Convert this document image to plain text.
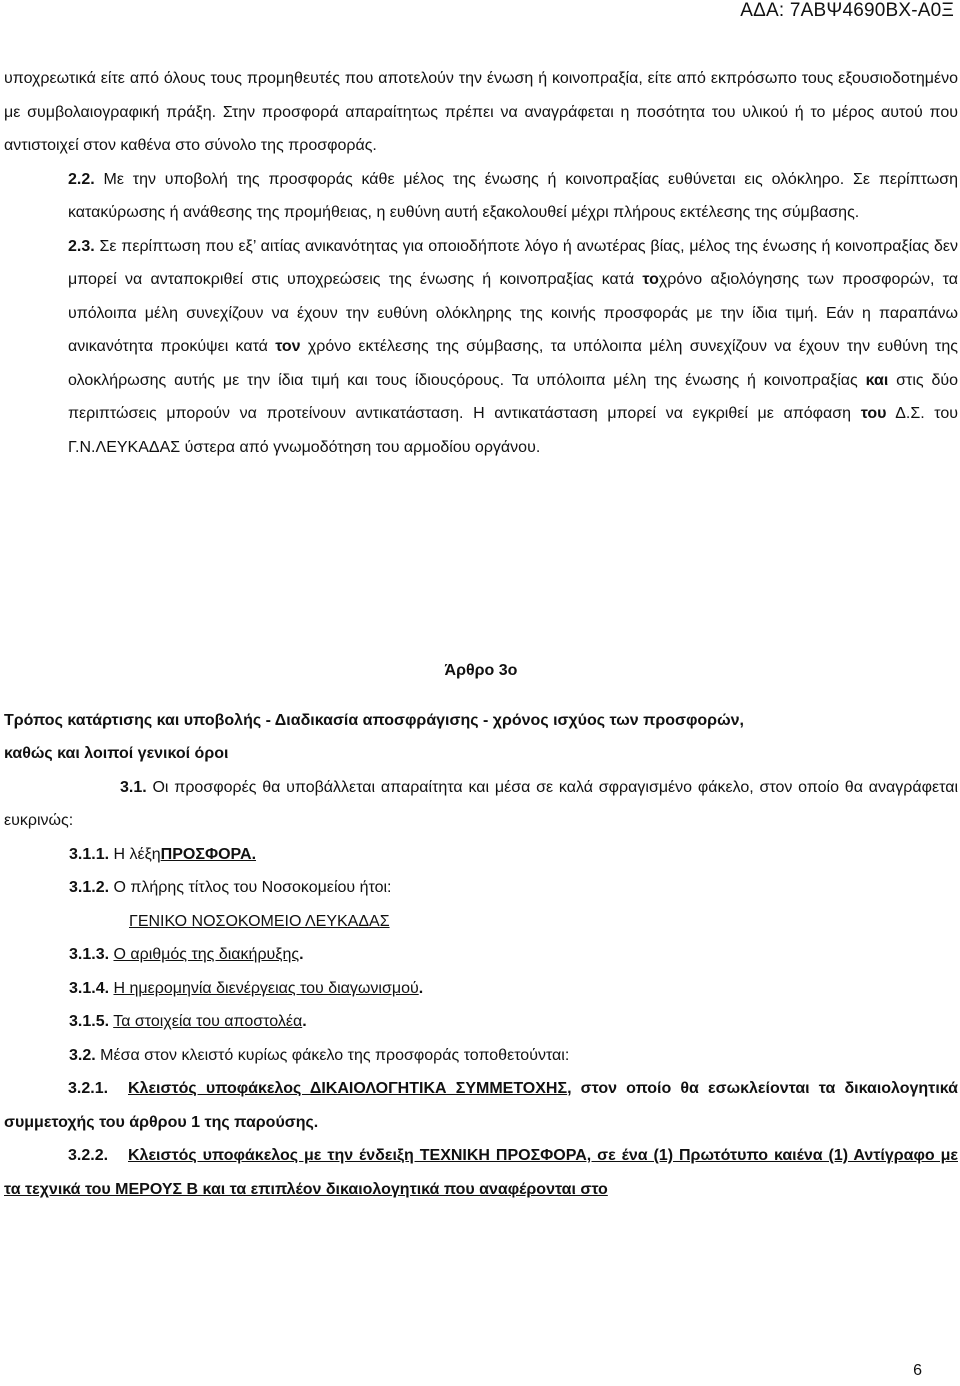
ΑΔΑ: 7ΑΒΨ4690ΒΧ-Α0Ξ

υποχρεωτικά είτε από όλους τους προμηθευτές που αποτελούν την ένωση ή κοινοπραξία, είτε από εκπρόσωπο τους εξουσιοδοτημένο με συμβολαιογραφική πράξη. Στην προσφορά απαραίτητως πρέπει να αναγράφεται η ποσότητα του υλικού ή το μέρος αυτού που αντιστοιχεί στον καθένα στο σύνολο της προσφοράς.

2.2. Με την υποβολή της προσφοράς κάθε μέλος της ένωσης ή κοινοπραξίας ευθύνεται εις ολόκληρο. Σε περίπτωση κατακύρωσης ή ανάθεσης της προμήθειας, η ευθύνη αυτή εξακολουθεί μέχρι πλήρους εκτέλεσης της σύμβασης.

2.3. Σε περίπτωση που εξ’ αιτίας ανικανότητας για οποιοδήποτε λόγο ή ανωτέρας βίας, μέλος της ένωσης ή κοινοπραξίας δεν μπορεί να ανταποκριθεί στις υποχρεώσεις της ένωσης ή κοινοπραξίας κατά τοχρόνο αξιολόγησης των προσφορών, τα υπόλοιπα μέλη συνεχίζουν να έχουν την ευθύνη ολόκληρης της κοινής προσφοράς με την ίδια τιμή. Εάν η παραπάνω ανικανότητα προκύψει κατά τον χρόνο εκτέλεσης της σύμβασης, τα υπόλοιπα μέλη συνεχίζουν να έχουν την ευθύνη της ολοκλήρωσης αυτής με την ίδια τιμή και τους ίδιουςόρους. Τα υπόλοιπα μέλη της ένωσης ή κοινοπραξίας και στις δύο περιπτώσεις μπορούν να προτείνουν αντικατάσταση. Η αντικατάσταση μπορεί να εγκριθεί με απόφαση του Δ.Σ. του Γ.Ν.ΛΕΥΚΑΔΑΣ ύστερα από γνωμοδότηση του αρμοδίου οργάνου.

Άρθρο 3ο

Τρόπος κατάρτισης και υποβολής - Διαδικασία αποσφράγισης - χρόνος ισχύος των προσφορών, καθώς και λοιποί γενικοί όροι

3.1. Οι προσφορές θα υποβάλλεται απαραίτητα και μέσα σε καλά σφραγισμένο φάκελο, στον οποίο θα αναγράφεται ευκρινώς:

3.1.1. Η λέξηΠΡΟΣΦΟΡΑ.

3.1.2. Ο πλήρης τίτλος του Νοσοκομείου ήτοι:

ΓΕΝΙΚΟ ΝΟΣΟΚΟΜΕΙΟ ΛΕΥΚΑΔΑΣ

3.1.3. Ο αριθμός της διακήρυξης.

3.1.4. Η ημερομηνία διενέργειας του διαγωνισμού.

3.1.5. Τα στοιχεία του αποστολέα.

3.2. Μέσα στον κλειστό κυρίως φάκελο της προσφοράς τοποθετούνται:

3.2.1. Κλειστός υποφάκελος ΔΙΚΑΙΟΛΟΓΗΤΙΚΑ ΣΥΜΜΕΤΟΧΗΣ, στον οποίο θα εσωκλείονται τα δικαιολογητικά συμμετοχής του άρθρου 1 της παρούσης.

3.2.2. Κλειστός υποφάκελος με την ένδειξη ΤΕΧΝΙΚΗ ΠΡΟΣΦΟΡΑ, σε ένα (1) Πρωτότυπο καιένα (1) Αντίγραφο με τα τεχνικά του ΜΕΡΟΥΣ Β και τα επιπλέον δικαιολογητικά που αναφέρονται στο

6
